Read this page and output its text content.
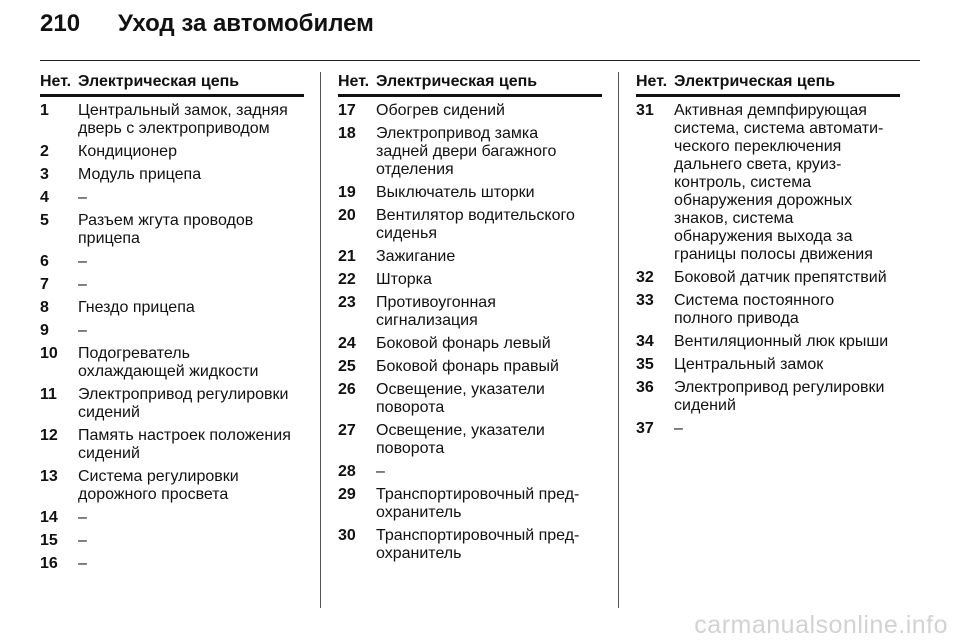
210	Уход за автомобилем
Нет. Электрическая цепь
1	Центральный замок, задняя
дверь с электроприводом
2	Кондиционер
3	Модуль прицепа
4	–
5	Разъем жгута проводов
прицепа
6	–
7	–
8	Гнездо прицепа
9	–
10	Подогреватель
охлаждающей жидкости
11	Электропривод регулировки
сидений
12	Память настроек положения
сидений
13	Система регулировки
дорожного просвета
14	–
15	–
16	–
Нет. Электрическая цепь
17	Обогрев сидений
18	Электропривод замка
задней двери багажного
отделения
19	Выключатель шторки
20	Вентилятор водительского
сиденья
21	Зажигание
22	Шторка
23	Противоугонная
сигнализация
24	Боковой фонарь левый
25	Боковой фонарь правый
26	Освещение, указатели
поворота
27	Освещение, указатели
поворота
28	–
29	Транспортировочный пред-
охранитель
30	Транспортировочный пред-
охранитель
Нет. Электрическая цепь
31	Активная демпфирующая
система, система автомати-
ческого переключения
дальнего света, круиз-
контроль, система
обнаружения дорожных
знаков, система
обнаружения выхода за
границы полосы движения
32	Боковой датчик препятствий
33	Система постоянного
полного привода
34	Вентиляционный люк крыши
35	Центральный замок
36	Электропривод регулировки
сидений
37	–
carmanualsonline.info
